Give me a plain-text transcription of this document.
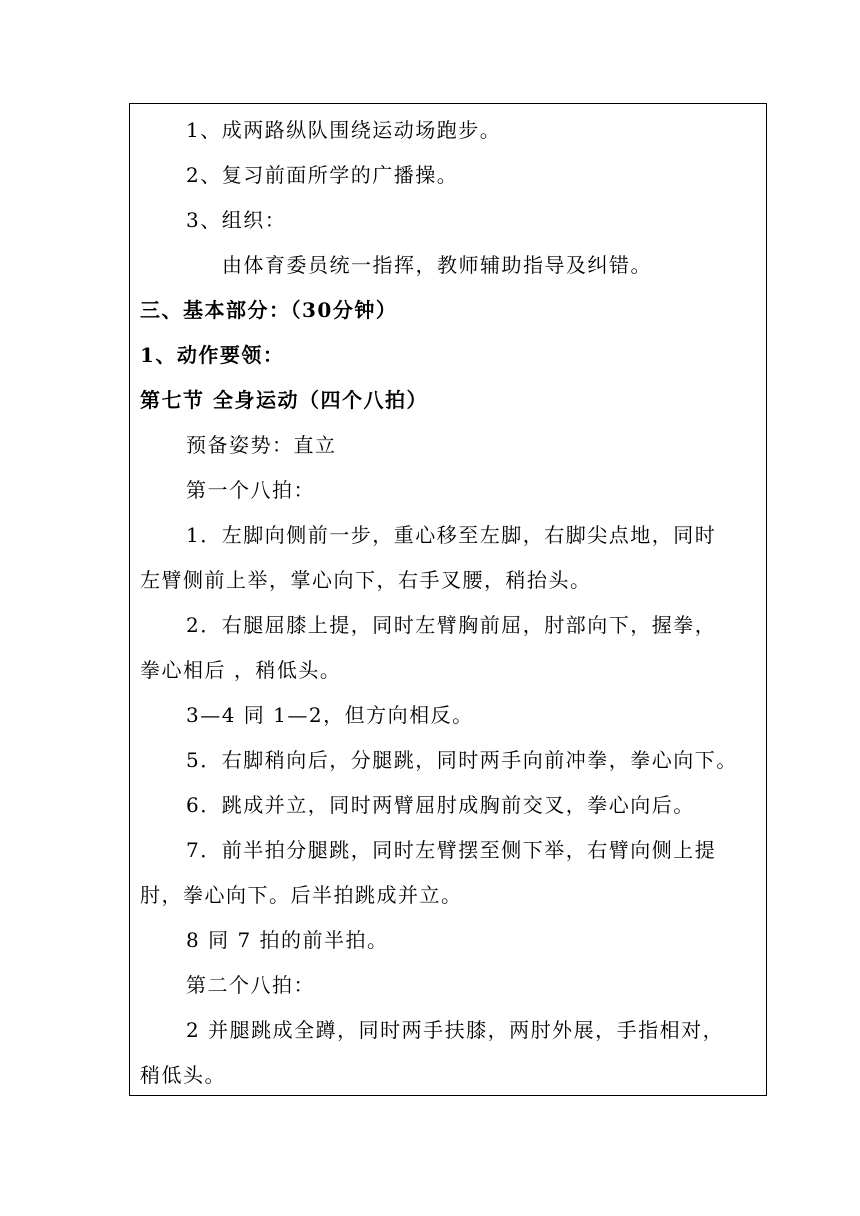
1、成两路纵队围绕运动场跑步。
2、复习前面所学的广播操。
3、组织：
由体育委员统一指挥，教师辅助指导及纠错。
三、基本部分：（30分钟）
1、动作要领：
第七节 全身运动（四个八拍）
预备姿势：直立
第一个八拍：
1．左脚向侧前一步，重心移至左脚，右脚尖点地，同时
左臂侧前上举，掌心向下，右手叉腰，稍抬头。
2．右腿屈膝上提，同时左臂胸前屈，肘部向下，握拳，
拳心相后 ，稍低头。
3—4 同 1—2，但方向相反。
5．右脚稍向后，分腿跳，同时两手向前冲拳，拳心向下。
6．跳成并立，同时两臂屈肘成胸前交叉，拳心向后。
7．前半拍分腿跳，同时左臂摆至侧下举，右臂向侧上提
肘，拳心向下。后半拍跳成并立。
8 同 7 拍的前半拍。
第二个八拍：
2 并腿跳成全蹲，同时两手扶膝，两肘外展，手指相对，
稍低头。
